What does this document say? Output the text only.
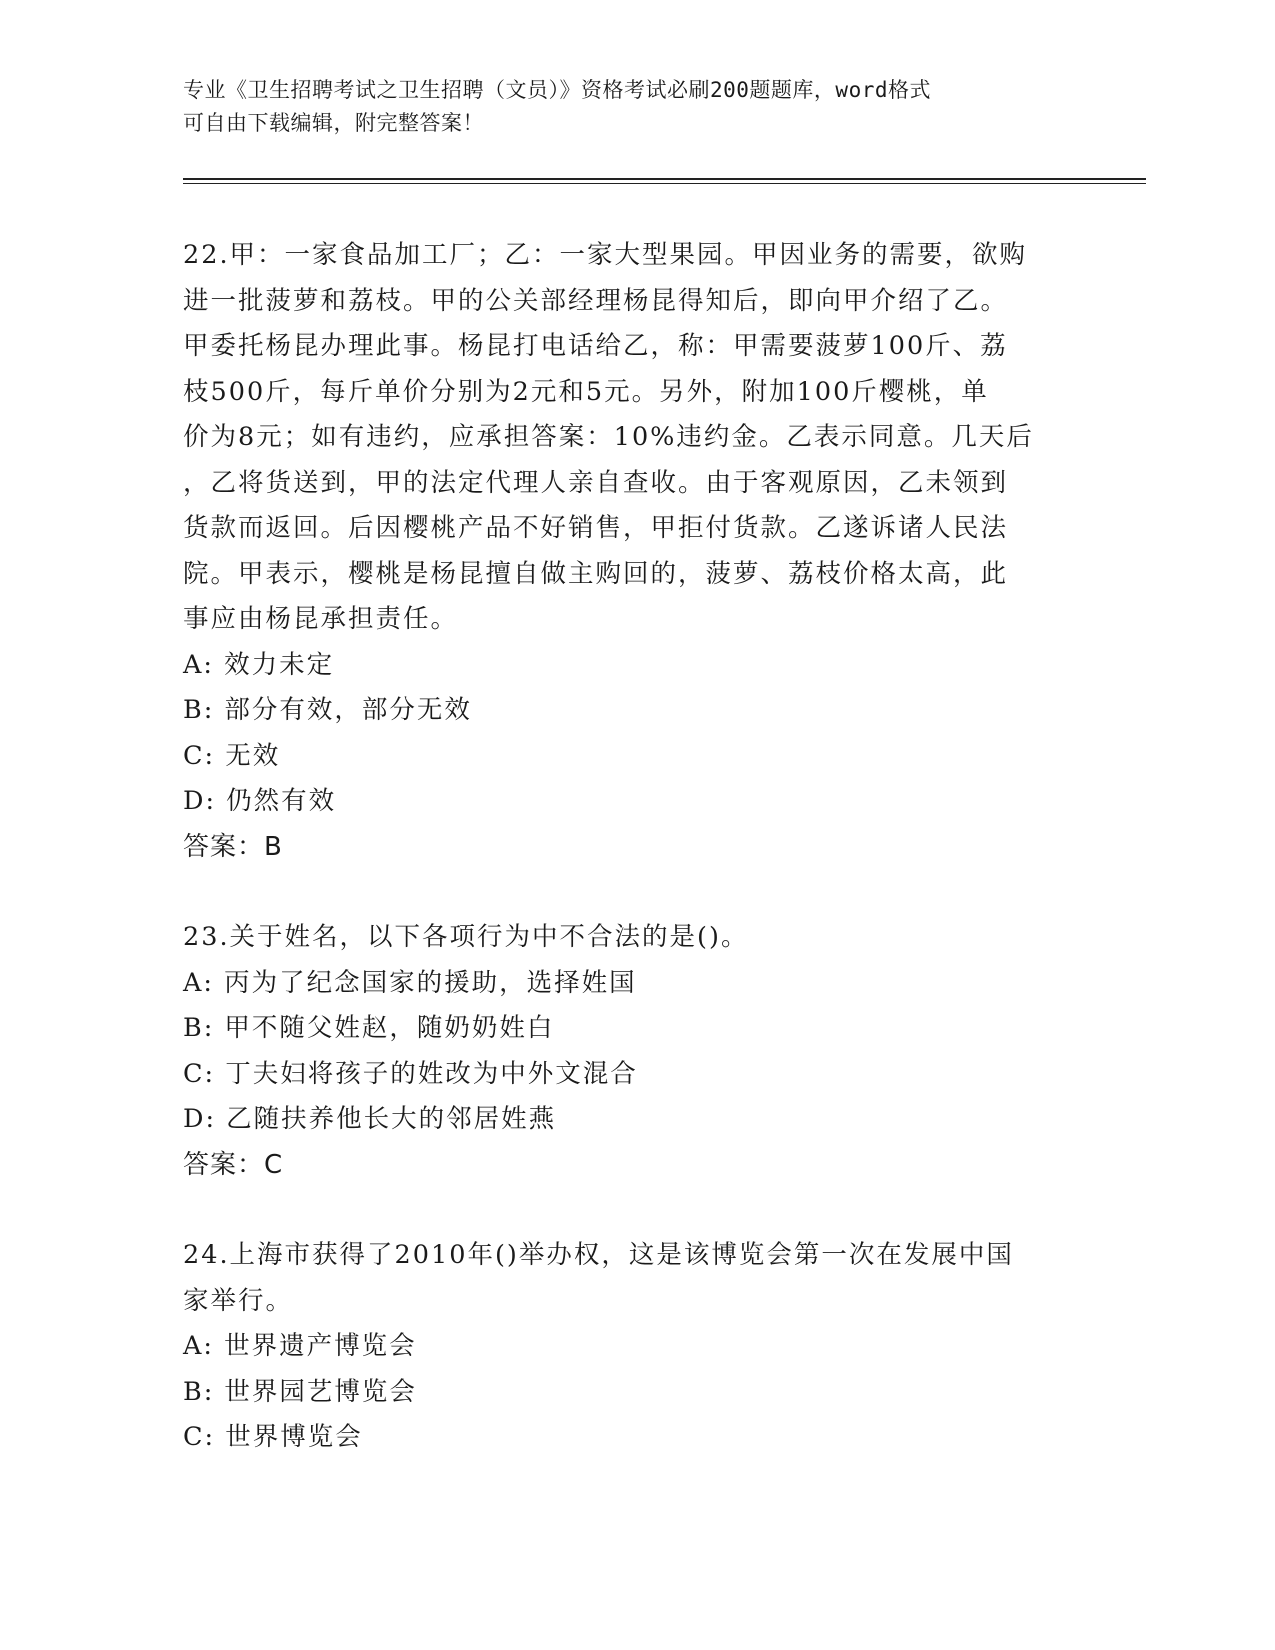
专业《卫生招聘考试之卫生招聘（文员）》资格考试必刷200题题库，word格式

可自由下载编辑，附完整答案！

22.甲：一家食品加工厂；乙：一家大型果园。甲因业务的需要，欲购

进一批菠萝和荔枝。甲的公关部经理杨昆得知后，即向甲介绍了乙。

甲委托杨昆办理此事。杨昆打电话给乙，称：甲需要菠萝100斤、荔

枝500斤，每斤单价分别为2元和5元。另外，附加100斤樱桃，单

价为8元；如有违约，应承担答案：10%违约金。乙表示同意。几天后

，乙将货送到，甲的法定代理人亲自查收。由于客观原因，乙未领到

货款而返回。后因樱桃产品不好销售，甲拒付货款。乙遂诉诸人民法

院。甲表示，樱桃是杨昆擅自做主购回的，菠萝、荔枝价格太高，此

事应由杨昆承担责任。

A: 效力未定

B: 部分有效，部分无效

C: 无效

D: 仍然有效

答案：B

23.关于姓名，以下各项行为中不合法的是()。

A: 丙为了纪念国家的援助，选择姓国

B: 甲不随父姓赵，随奶奶姓白

C: 丁夫妇将孩子的姓改为中外文混合

D: 乙随扶养他长大的邻居姓燕

答案：C

24.上海市获得了2010年()举办权，这是该博览会第一次在发展中国

家举行。

A: 世界遗产博览会

B: 世界园艺博览会

C: 世界博览会
